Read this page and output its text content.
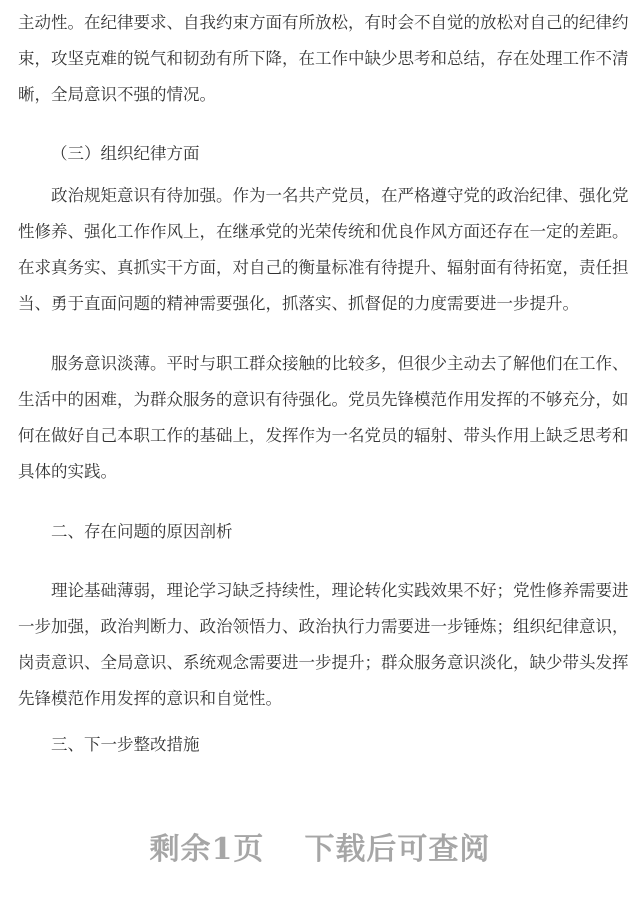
主动性。在纪律要求、自我约束方面有所放松，有时会不自觉的放松对自己的纪律约
束，攻坚克难的锐气和韧劲有所下降，在工作中缺少思考和总结，存在处理工作不清
晰，全局意识不强的情况。
（三）组织纪律方面
政治规矩意识有待加强。作为一名共产党员，在严格遵守党的政治纪律、强化党
性修养、强化工作作风上，在继承党的光荣传统和优良作风方面还存在一定的差距。
在求真务实、真抓实干方面，对自己的衡量标准有待提升、辐射面有待拓宽，责任担
当、勇于直面问题的精神需要强化，抓落实、抓督促的力度需要进一步提升。
服务意识淡薄。平时与职工群众接触的比较多，但很少主动去了解他们在工作、
生活中的困难，为群众服务的意识有待强化。党员先锋模范作用发挥的不够充分，如
何在做好自己本职工作的基础上，发挥作为一名党员的辐射、带头作用上缺乏思考和
具体的实践。
二、存在问题的原因剖析
理论基础薄弱，理论学习缺乏持续性，理论转化实践效果不好；党性修养需要进
一步加强，政治判断力、政治领悟力、政治执行力需要进一步锤炼；组织纪律意识，
岗责意识、全局意识、系统观念需要进一步提升；群众服务意识淡化，缺少带头发挥
先锋模范作用发挥的意识和自觉性。
三、下一步整改措施
剩余1页 下载后可查阅
